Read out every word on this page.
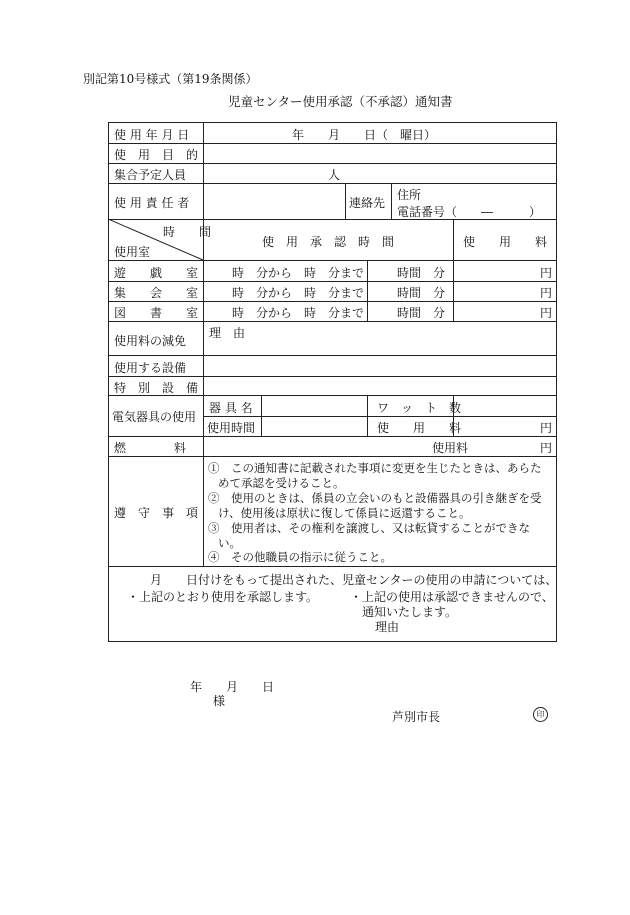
別記第10号様式（第19条関係）
児童センター使用承認（不承認）通知書
使 用 年 月 日	年　　月　　日（　曜日）
使　用　目　的
集合予定人員	人
使 用 責 任 者	連絡先
住所
電話番号（　　―　　　）
時　　間
使用室
使　用　承　認　時　間	使　　用　　料
遊　　戯　　室	時　分から　時　分まで	時間　分	円
集　　会　　室	時　分から　時　分まで	時間　分	円
図　　書　　室	時　分から　時　分まで	時間　分	円
使用料の減免
理　由
使用する設備
特　別　設　備
電気器具の使用
器 具 名	ワ　ッ　ト　数
使用時間	使　　用　　料	円
燃　　　　料	使用料	円
遵　守　事　項
①　この通知書に記載された事項に変更を生じたときは、あらた
めて承認を受けること。
②　使用のときは、係員の立会いのもと設備器具の引き継ぎを受
け、使用後は原状に復して係員に返還すること。
③　使用者は、その権利を譲渡し、又は転貸することができな
い。
④　その他職員の指示に従うこと。
月　　日付けをもって提出された、児童センターの使用の申請については、
・上記のとおり使用を承認します。	・上記の使用は承認できませんので、
通知いたします。
理由
年　　月　　日
様
芦別市長	印
